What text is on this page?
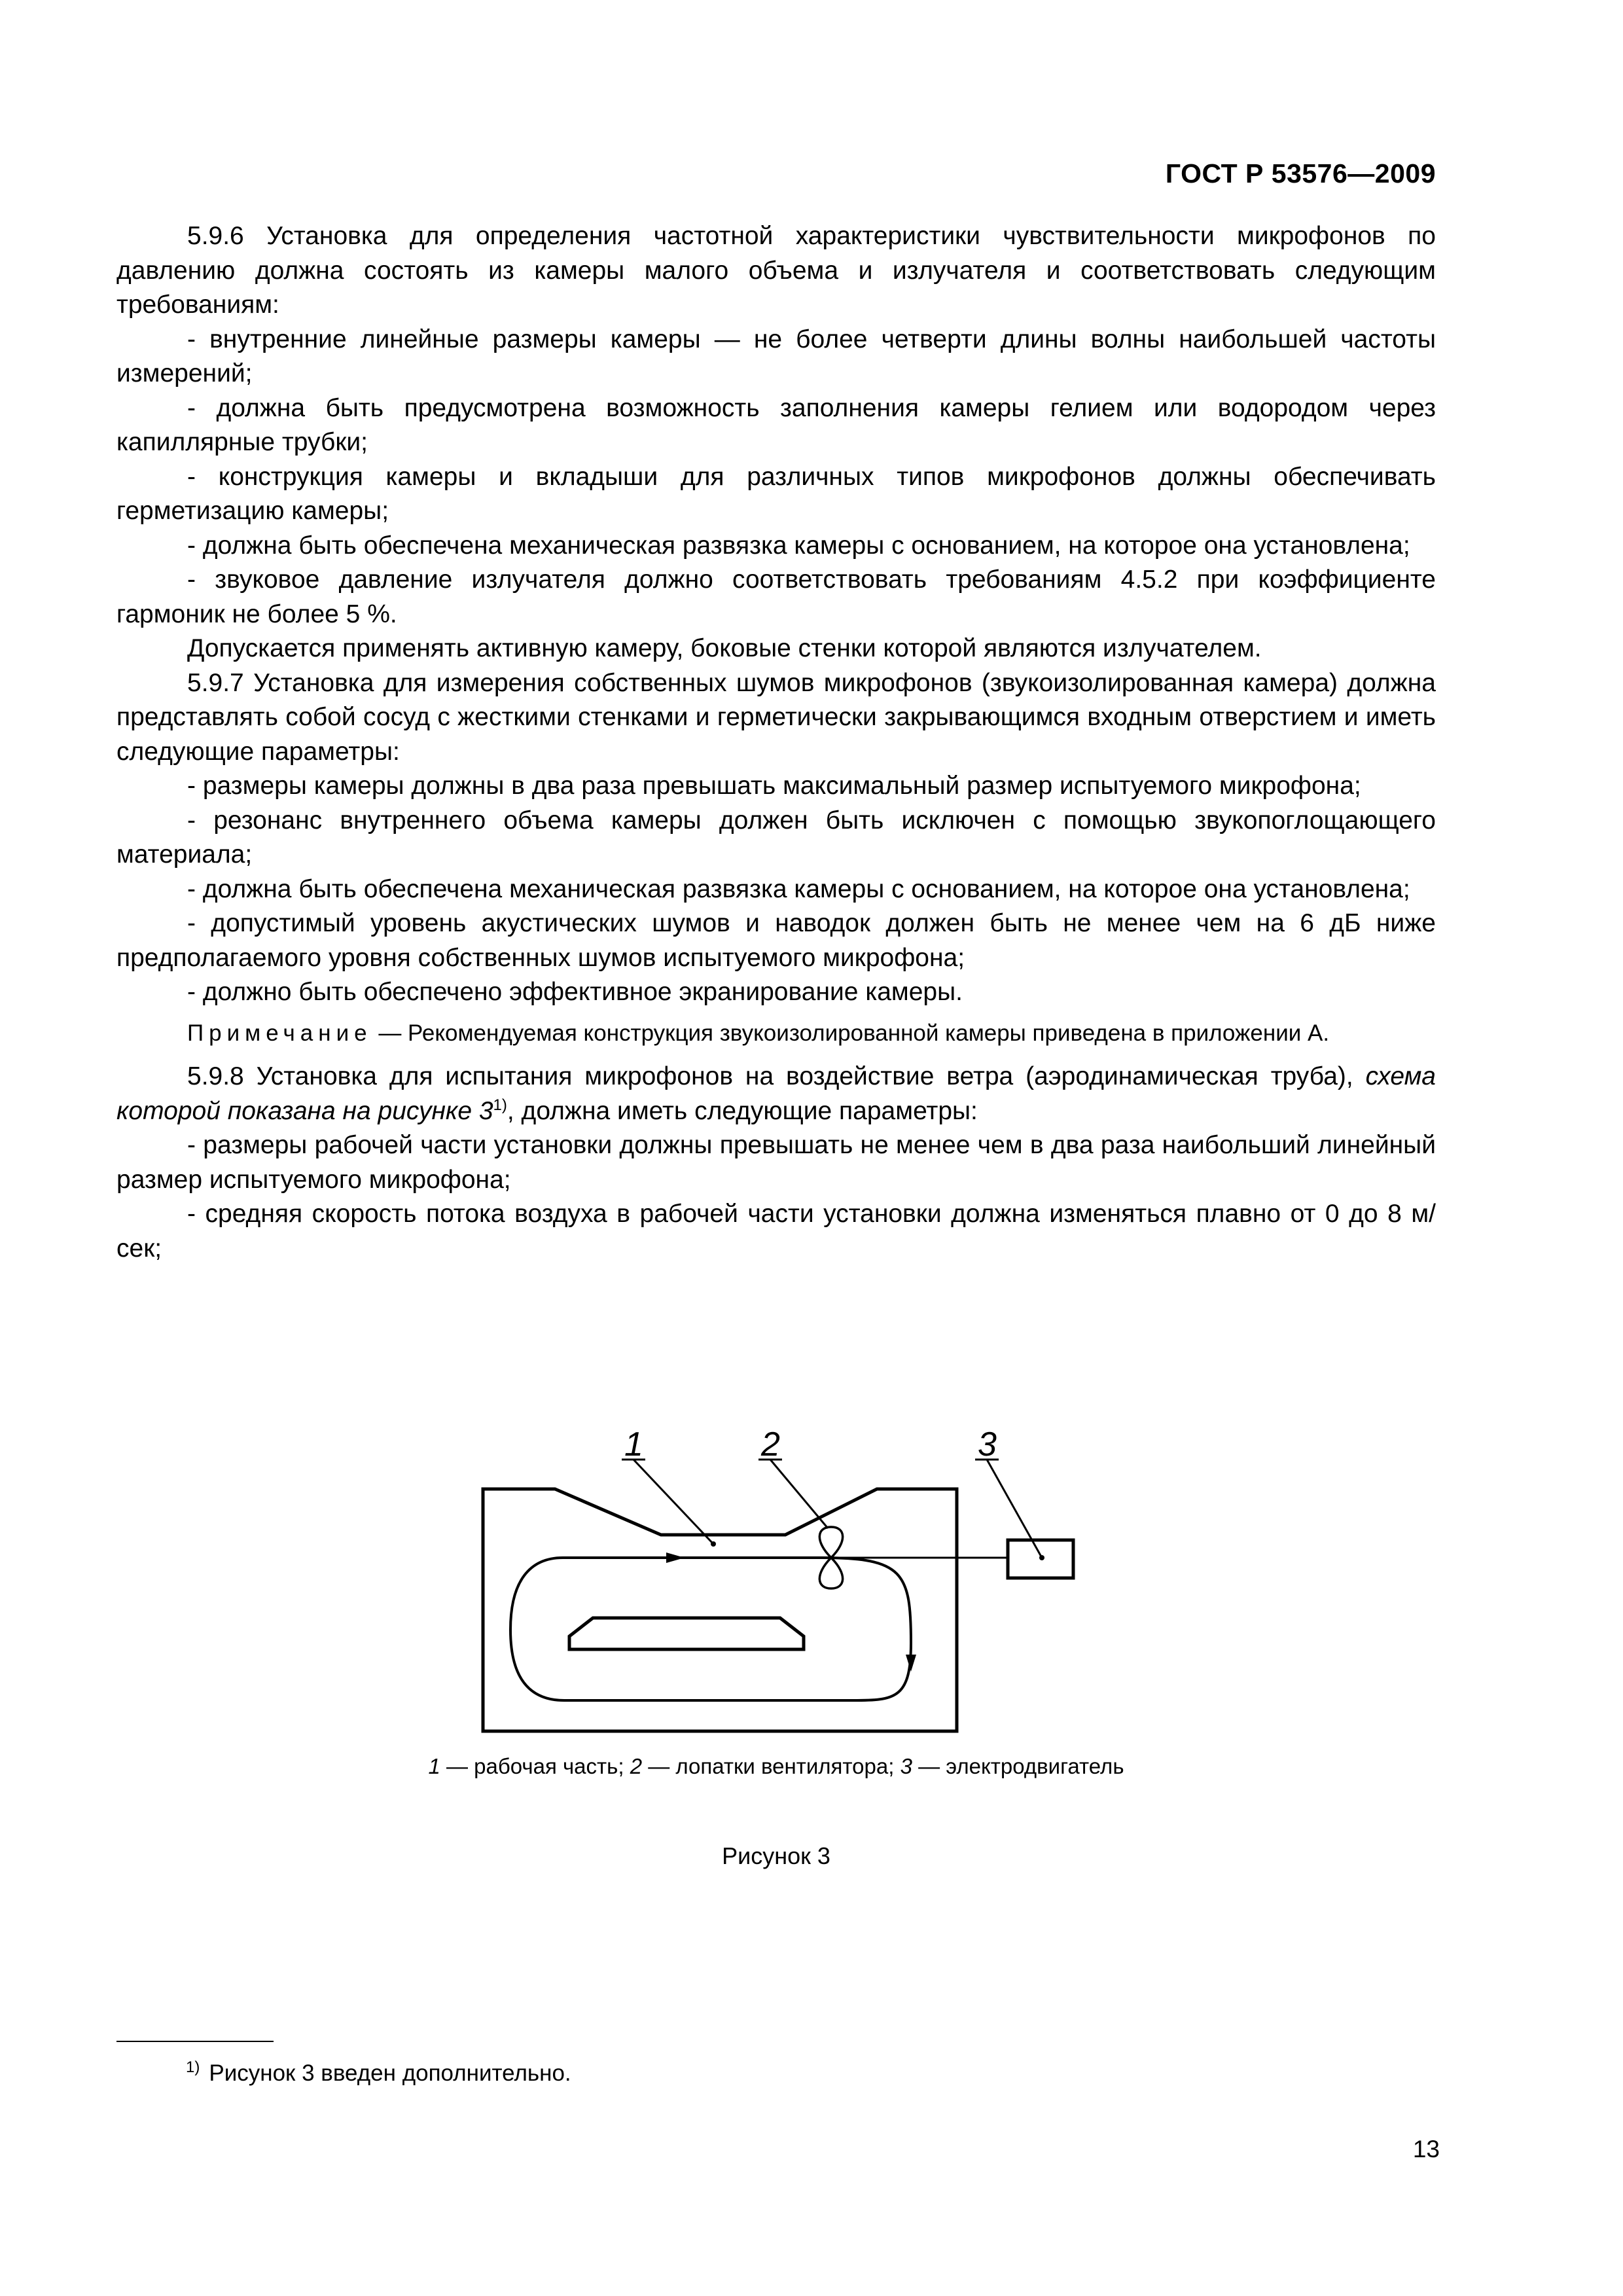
ГОСТ Р 53576—2009

5.9.6 Установка для определения частотной характеристики чувствительности микрофонов по давлению должна состоять из камеры малого объема и излучателя и соответствовать следующим требованиям:

- внутренние линейные размеры камеры — не более четверти длины волны наибольшей частоты измерений;

- должна быть предусмотрена возможность заполнения камеры гелием или водородом через капиллярные трубки;

- конструкция камеры и вкладыши для различных типов микрофонов должны обеспечивать герметизацию камеры;

- должна быть обеспечена механическая развязка камеры с основанием, на которое она установлена;

- звуковое давление излучателя должно соответствовать требованиям 4.5.2 при коэффициенте гармоник не более 5 %.

Допускается применять активную камеру, боковые стенки которой являются излучателем.

5.9.7 Установка для измерения собственных шумов микрофонов (звукоизолированная камера) должна представлять собой сосуд с жесткими стенками и герметически закрывающимся входным отверстием и иметь следующие параметры:

- размеры камеры должны в два раза превышать максимальный размер испытуемого микрофона;

- резонанс внутреннего объема камеры должен быть исключен с помощью звукопоглощающего материала;

- должна быть обеспечена механическая развязка камеры с основанием, на которое она установлена;

- допустимый уровень акустических шумов и наводок должен быть не менее чем на 6 дБ ниже предполагаемого уровня собственных шумов испытуемого микрофона;

- должно быть обеспечено эффективное экранирование камеры.

Примечание — Рекомендуемая конструкция звукоизолированной камеры приведена в приложении А.

5.9.8 Установка для испытания микрофонов на воздействие ветра (аэродинамическая труба), схема которой показана на рисунке 3$^{1)}$, должна иметь следующие параметры:

- размеры рабочей части установки должны превышать не менее чем в два раза наибольший линейный размер испытуемого микрофона;

- средняя скорость потока воздуха в рабочей части установки должна изменяться плавно от 0 до 8 м/сек;

1	2	3
1 — рабочая часть; 2 — лопатки вентилятора; 3 — электродвигатель
Рисунок 3
$^{1)}$ Рисунок 3 введен дополнительно.
13
